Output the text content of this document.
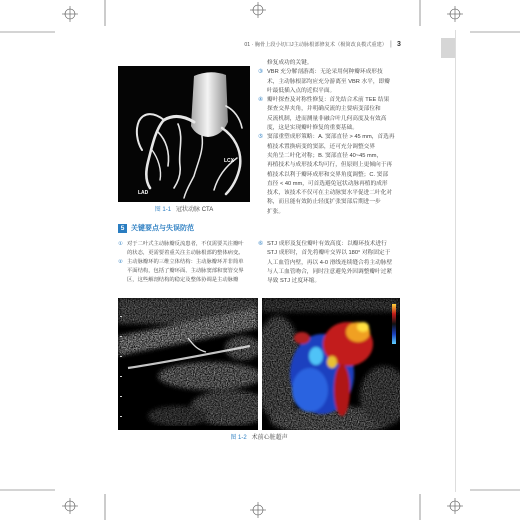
01 · 胸骨上段小切口J主动脉根部修复术（极简改良模式重建） | 3
LAD
LCX
图 1-1 冠状动脉 CTA
5 关键要点与失误防范
① 对于二叶式主动脉瓣反流患者，不仅需要关注瓣叶
的状态，更需要着重关注主动脉根部的整体病变。
② 主动脉瓣环的三维立体结构：主动脉瓣环并非简单
平面结构，包括了瓣环面、主动脉窦部和窦管交界
区，这些解剖结构的稳定及整体协调是主动脉瓣
修复成功的关键。
③ VBR 充分解剖游离：无论采用何种瓣环成形技
术，主动脉根部均应充分游离至 VBR 水平，即瓣
叶最低插入点的近似平面。
④ 瓣叶探查及对称性修复：首先结合术前 TEE 结果
探查交界夹角，并明确反流的主要病变部位和
反流机制，进而测量非融合叶几何高度及有效高
度，这是实现瓣叶修复的重要基础。
⑤ 窦部重塑成形策略：A. 窦部直径 > 45 mm，首选再
植技术置换病变的窦部，还可充分调整交界
夹角呈二叶化对称；B. 窦部直径 40~45 mm，
再植技术与成形技术均可行，但原则上更倾向于再
植技术以利于瓣环成形和交界角度调整；C. 窦部
直径 < 40 mm，可首选避免冠状动脉再植的成形
技术，该技术不仅可在主动脉窦水平促进二叶化对
称，而且能有效防止轻度扩张窦部后期进一步
扩张。
⑥ STJ 成形及复位瓣叶有效高度：以瓣环技术进行
STJ 成形时，首先将瓣叶交界以 180° 对称固定于
人工血管内壁，再以 4-0 滑线连续缝合将主动脉壁
与人工血管吻合，同时注意避免外因调整瓣叶过紧
导致 STJ 过度环缩。
图 1-2 术前心脏超声
